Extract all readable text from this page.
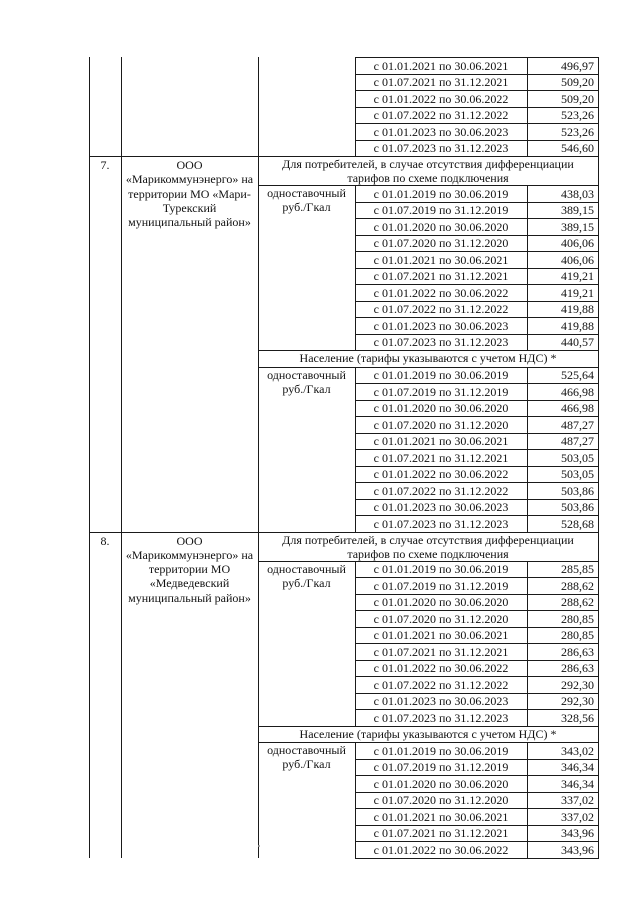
с 01.01.2021 по 30.06.2021	496,97
с 01.07.2021 по 31.12.2021	509,20
с 01.01.2022 по 30.06.2022	509,20
с 01.07.2022 по 31.12.2022	523,26
с 01.01.2023 по 30.06.2023	523,26
с 01.07.2023 по 31.12.2023	546,60
7.	ООО «Марикоммунэнерго» на территории МО «Мари-Турекский муниципальный район»
Для потребителей, в случае отсутствия дифференциации тарифов по схеме подключения
одноставочный руб./Гкал
с 01.01.2019 по 30.06.2019	438,03
с 01.07.2019 по 31.12.2019	389,15
с 01.01.2020 по 30.06.2020	389,15
с 01.07.2020 по 31.12.2020	406,06
с 01.01.2021 по 30.06.2021	406,06
с 01.07.2021 по 31.12.2021	419,21
с 01.01.2022 по 30.06.2022	419,21
с 01.07.2022 по 31.12.2022	419,88
с 01.01.2023 по 30.06.2023	419,88
с 01.07.2023 по 31.12.2023	440,57
Население (тарифы указываются с учетом НДС) *
одноставочный руб./Гкал
с 01.01.2019 по 30.06.2019	525,64
с 01.07.2019 по 31.12.2019	466,98
с 01.01.2020 по 30.06.2020	466,98
с 01.07.2020 по 31.12.2020	487,27
с 01.01.2021 по 30.06.2021	487,27
с 01.07.2021 по 31.12.2021	503,05
с 01.01.2022 по 30.06.2022	503,05
с 01.07.2022 по 31.12.2022	503,86
с 01.01.2023 по 30.06.2023	503,86
с 01.07.2023 по 31.12.2023	528,68
8.	ООО «Марикоммунэнерго» на территории МО «Медведевский муниципальный район»
Для потребителей, в случае отсутствия дифференциации тарифов по схеме подключения
одноставочный руб./Гкал
с 01.01.2019 по 30.06.2019	285,85
с 01.07.2019 по 31.12.2019	288,62
с 01.01.2020 по 30.06.2020	288,62
с 01.07.2020 по 31.12.2020	280,85
с 01.01.2021 по 30.06.2021	280,85
с 01.07.2021 по 31.12.2021	286,63
с 01.01.2022 по 30.06.2022	286,63
с 01.07.2022 по 31.12.2022	292,30
с 01.01.2023 по 30.06.2023	292,30
с 01.07.2023 по 31.12.2023	328,56
Население (тарифы указываются с учетом НДС) *
одноставочный руб./Гкал
с 01.01.2019 по 30.06.2019	343,02
с 01.07.2019 по 31.12.2019	346,34
с 01.01.2020 по 30.06.2020	346,34
с 01.07.2020 по 31.12.2020	337,02
с 01.01.2021 по 30.06.2021	337,02
с 01.07.2021 по 31.12.2021	343,96
с 01.01.2022 по 30.06.2022	343,96
